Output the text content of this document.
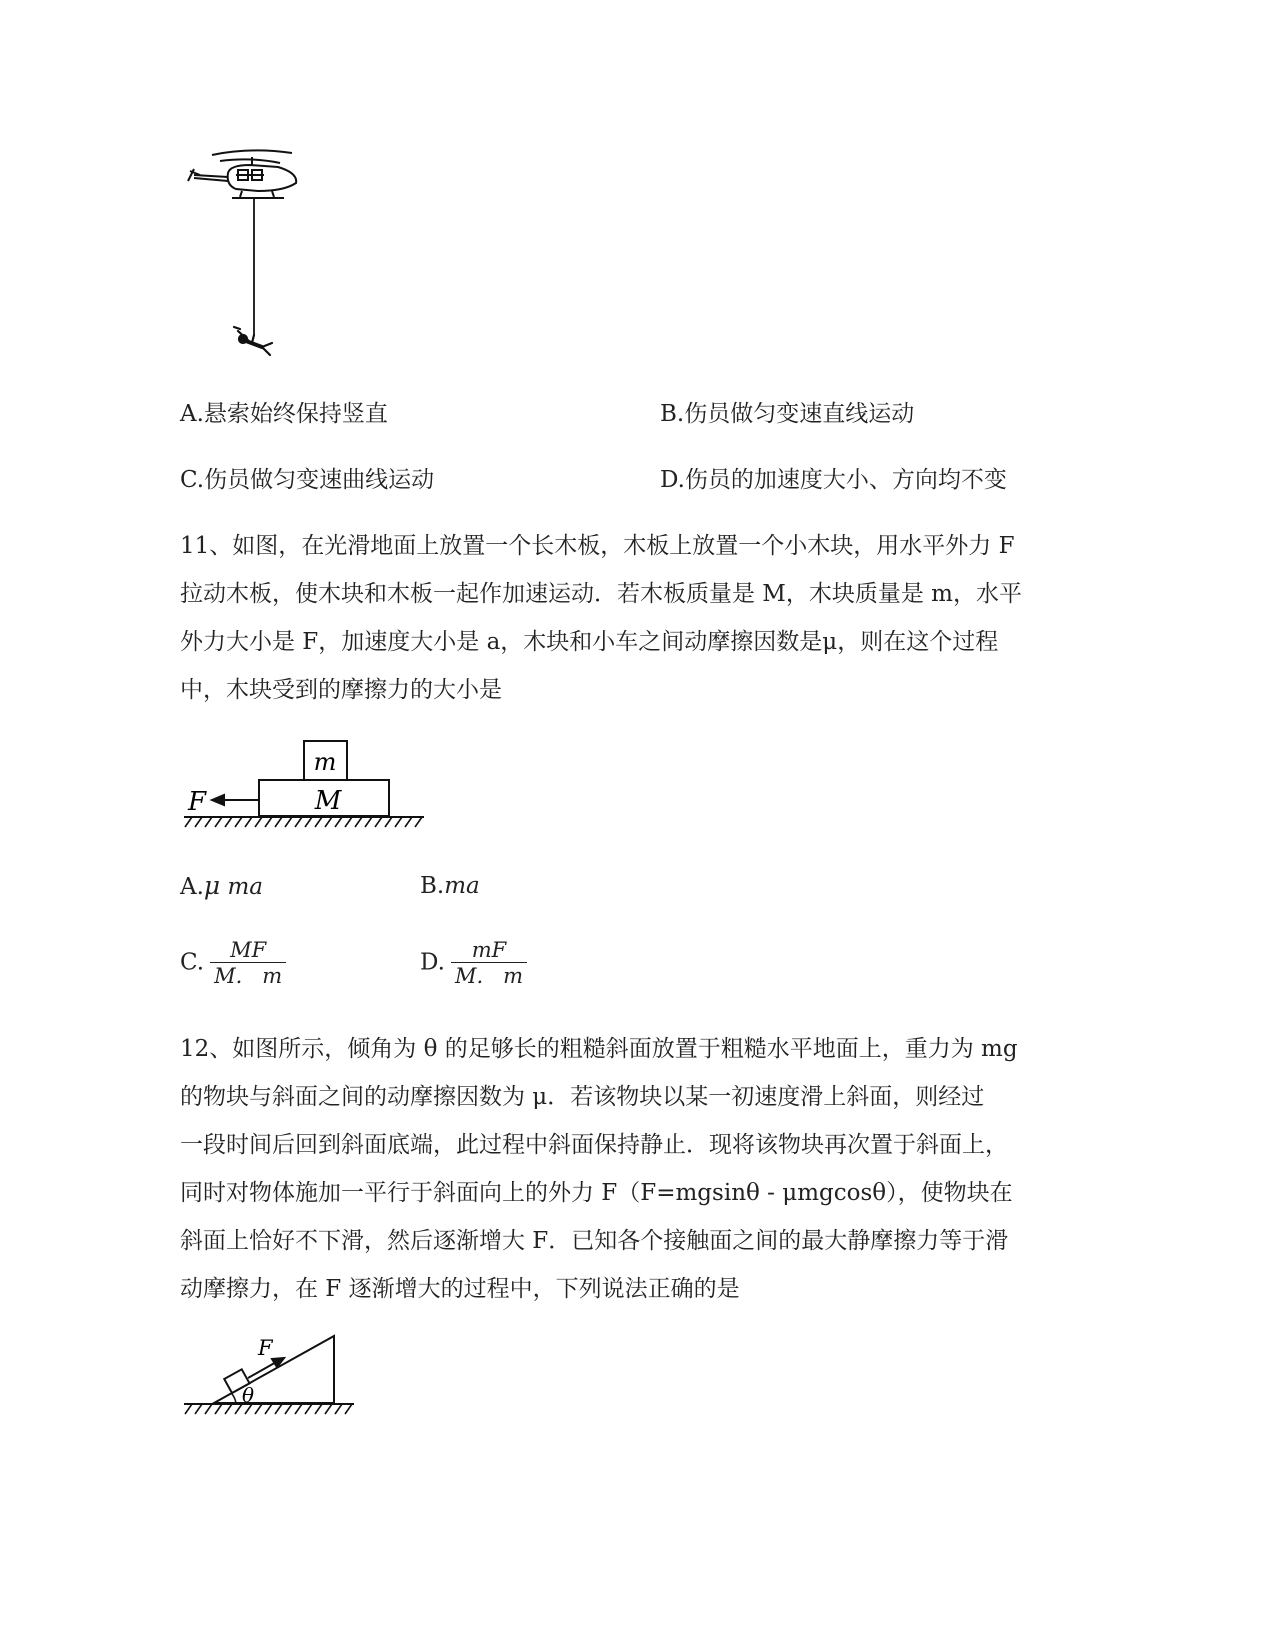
A.悬索始终保持竖直	B.伤员做匀变速直线运动
C.伤员做匀变速曲线运动	D.伤员的加速度大小、方向均不变
11、如图，在光滑地面上放置一个长木板，木板上放置一个小木块，用水平外力 F
拉动木板，使木块和木板一起作加速运动．若木板质量是 M，木块质量是 m，水平
外力大小是 F，加速度大小是 a，木块和小车之间动摩擦因数是μ，则在这个过程
中，木块受到的摩擦力的大小是
m
M
F
A.μ ma	B.ma
C. $\frac{MF}{M. m}$	D. $\frac{mF}{M. m}$
12、如图所示，倾角为 θ 的足够长的粗糙斜面放置于粗糙水平地面上，重力为 mg
的物块与斜面之间的动摩擦因数为 μ．若该物块以某一初速度滑上斜面，则经过
一段时间后回到斜面底端，此过程中斜面保持静止．现将该物块再次置于斜面上，
同时对物体施加一平行于斜面向上的外力 F（F=mgsinθ - μmgcosθ），使物块在
斜面上恰好不下滑，然后逐渐增大 F．已知各个接触面之间的最大静摩擦力等于滑
动摩擦力，在 F 逐渐增大的过程中，下列说法正确的是
F
θ
